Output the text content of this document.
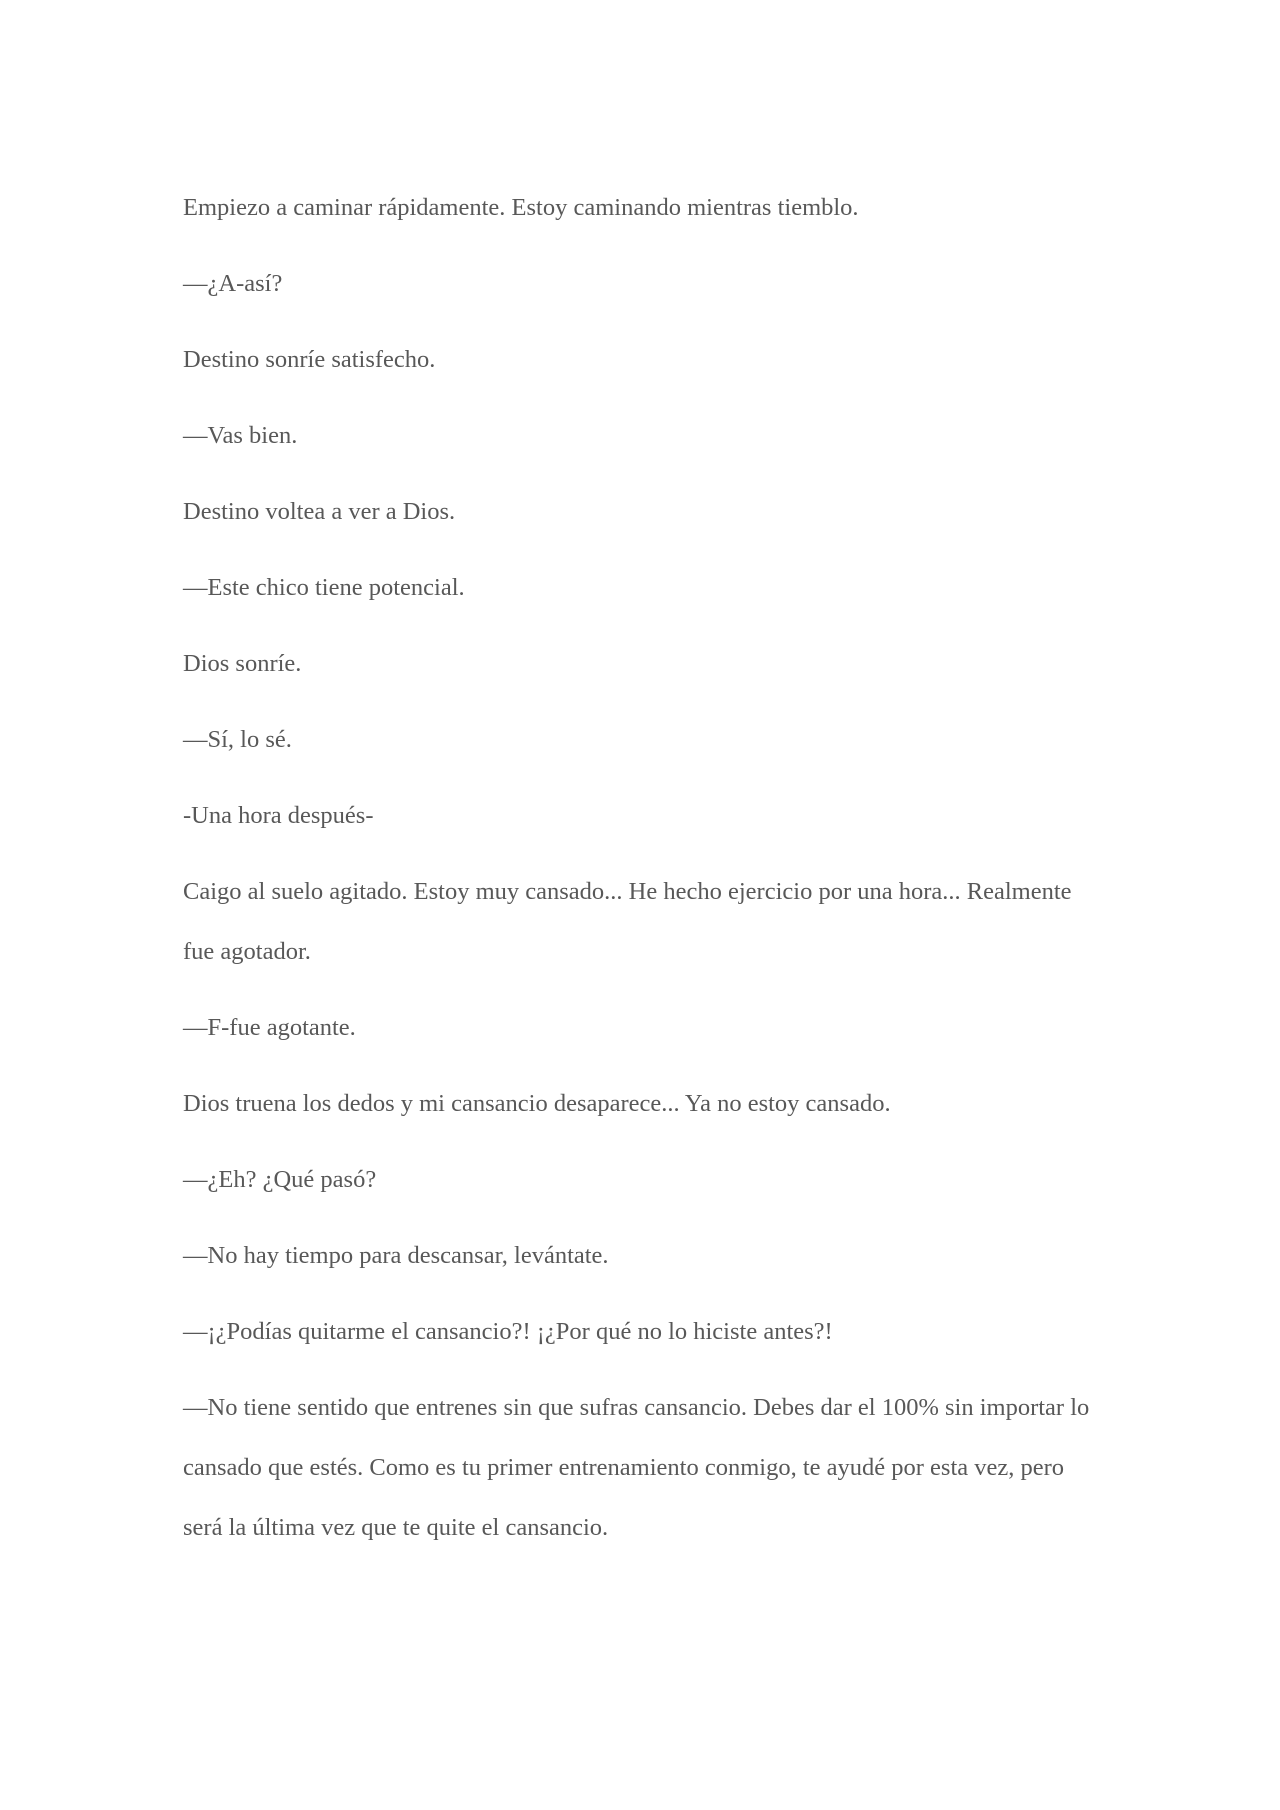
Empiezo a caminar rápidamente. Estoy caminando mientras tiemblo.

—¿A-así?

Destino sonríe satisfecho.

—Vas bien.

Destino voltea a ver a Dios.

—Este chico tiene potencial.

Dios sonríe.

—Sí, lo sé.

-Una hora después-

Caigo al suelo agitado. Estoy muy cansado... He hecho ejercicio por una hora... Realmente fue agotador.

—F-fue agotante.

Dios truena los dedos y mi cansancio desaparece... Ya no estoy cansado.

—¿Eh? ¿Qué pasó?

—No hay tiempo para descansar, levántate.

—¡¿Podías quitarme el cansancio?! ¡¿Por qué no lo hiciste antes?!

—No tiene sentido que entrenes sin que sufras cansancio. Debes dar el 100% sin importar lo cansado que estés. Como es tu primer entrenamiento conmigo, te ayudé por esta vez, pero será la última vez que te quite el cansancio.
